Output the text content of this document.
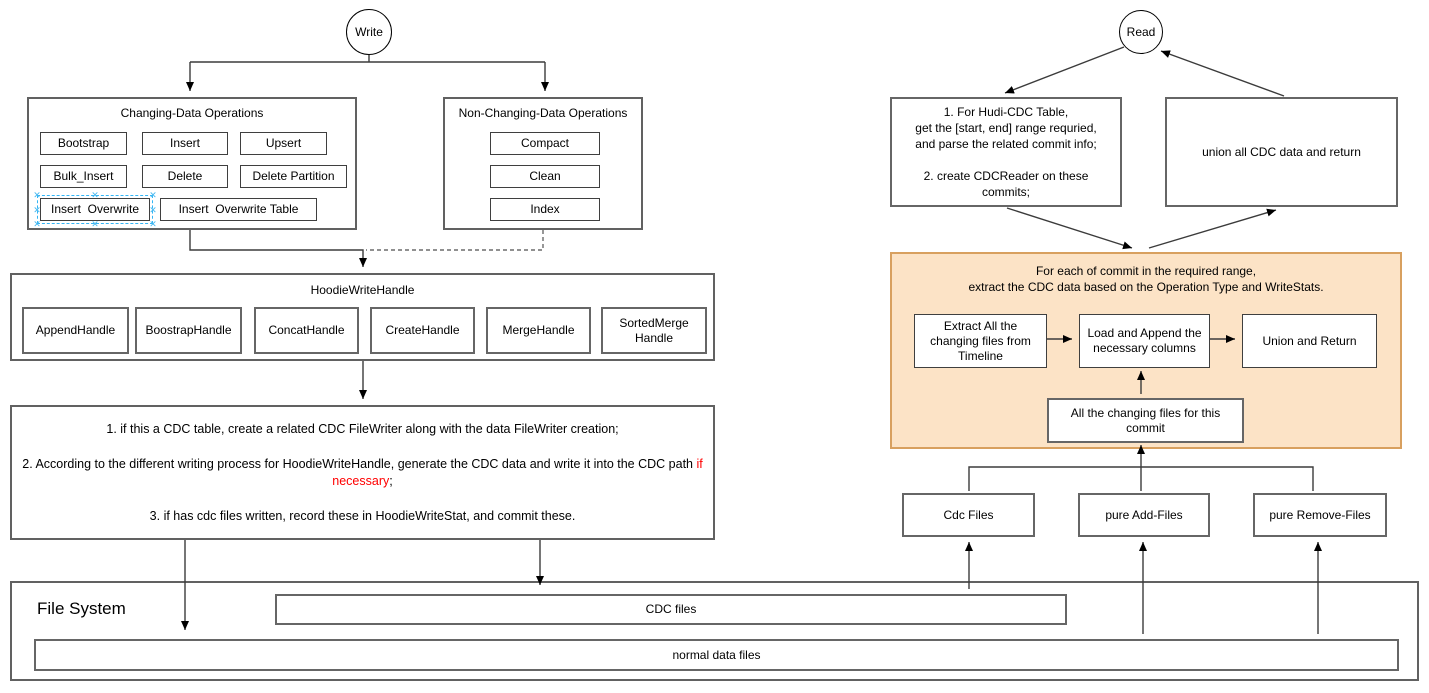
Write
Changing-Data Operations
Bootstrap	Insert	Upsert
Bulk_Insert	Delete	Delete Partition
Insert  Overwrite
✕
✕
✕ ✕ ✕
✕
✕
✕	Insert  Overwrite Table
Non-Changing-Data Operations
Compact
Clean
Index
HoodieWriteHandle
AppendHandle	BoostrapHandle	ConcatHandle	CreateHandle	MergeHandle
SortedMerge Handle
1. if this a CDC table, create a related CDC FileWriter along with the data FileWriter creation;
2. According to the different writing process for HoodieWriteHandle, generate the CDC data and write it into the CDC path if necessary;
3. if has cdc files written, record these in HoodieWriteStat, and commit these.
File System	CDC files
normal data files
Read
1. For Hudi-CDC Table,
get the [start, end] range requried,
and parse the related commit info;
2. create CDCReader on these
commits;
union all CDC data and return
For each of commit in the required range,
extract the CDC data based on the Operation Type and WriteStats.
Extract All the changing files from Timeline
Load and Append the necessary columns
Union and Return
All the changing files for this commit
Cdc Files	pure Add-Files	pure Remove-Files
